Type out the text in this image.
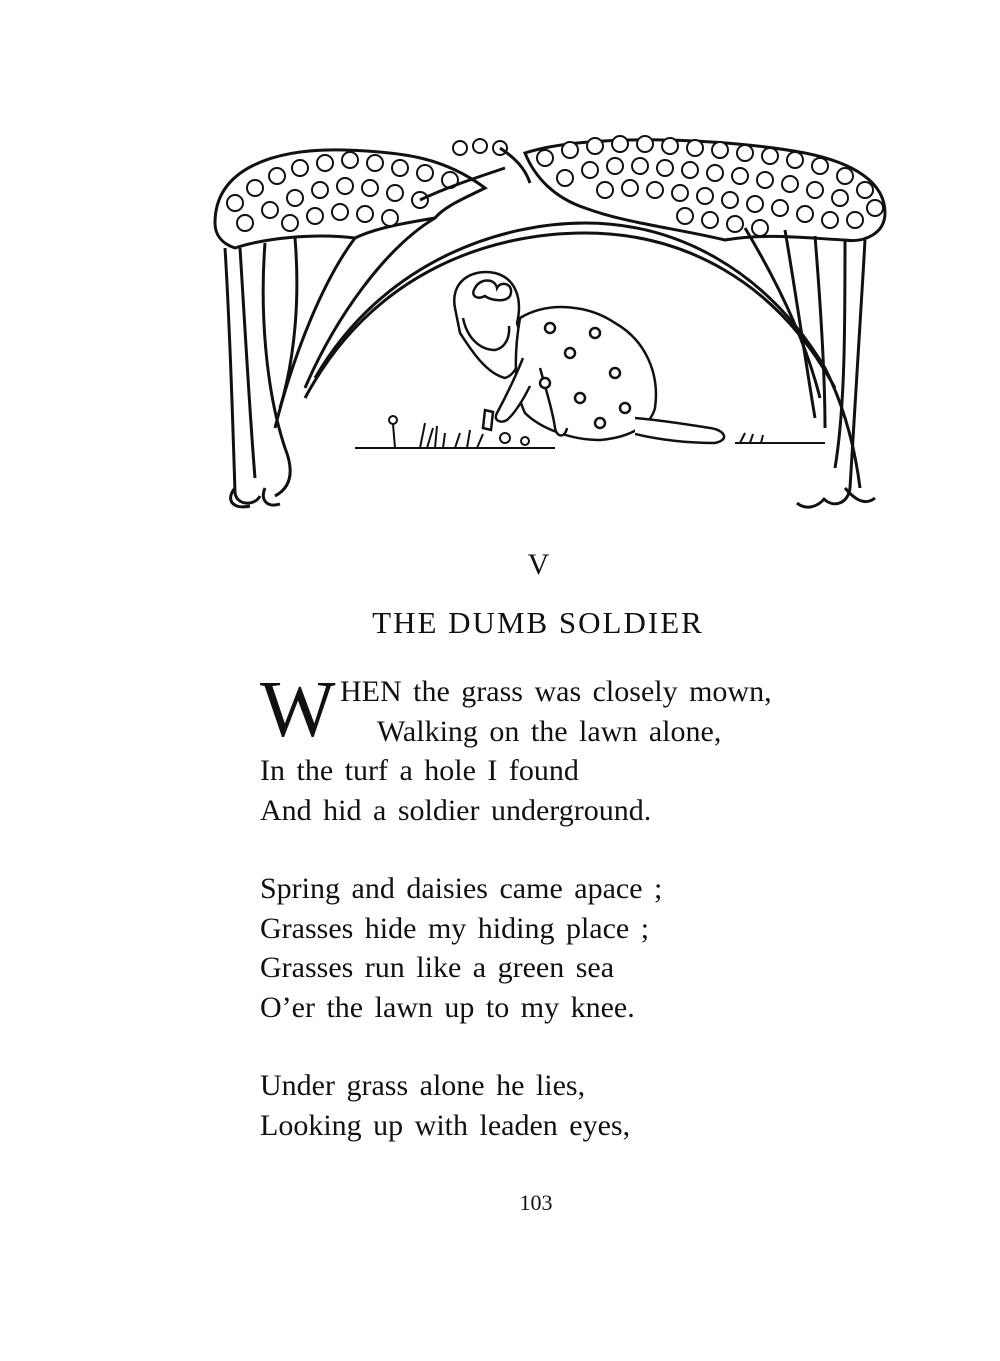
V
THE DUMB SOLDIER
W HEN the grass was closely mown,
Walking on the lawn alone,
In the turf a hole I found
And hid a soldier underground.
Spring and daisies came apace ;
Grasses hide my hiding place ;
Grasses run like a green sea
O’er the lawn up to my knee.
Under grass alone he lies,
Looking up with leaden eyes,
103
